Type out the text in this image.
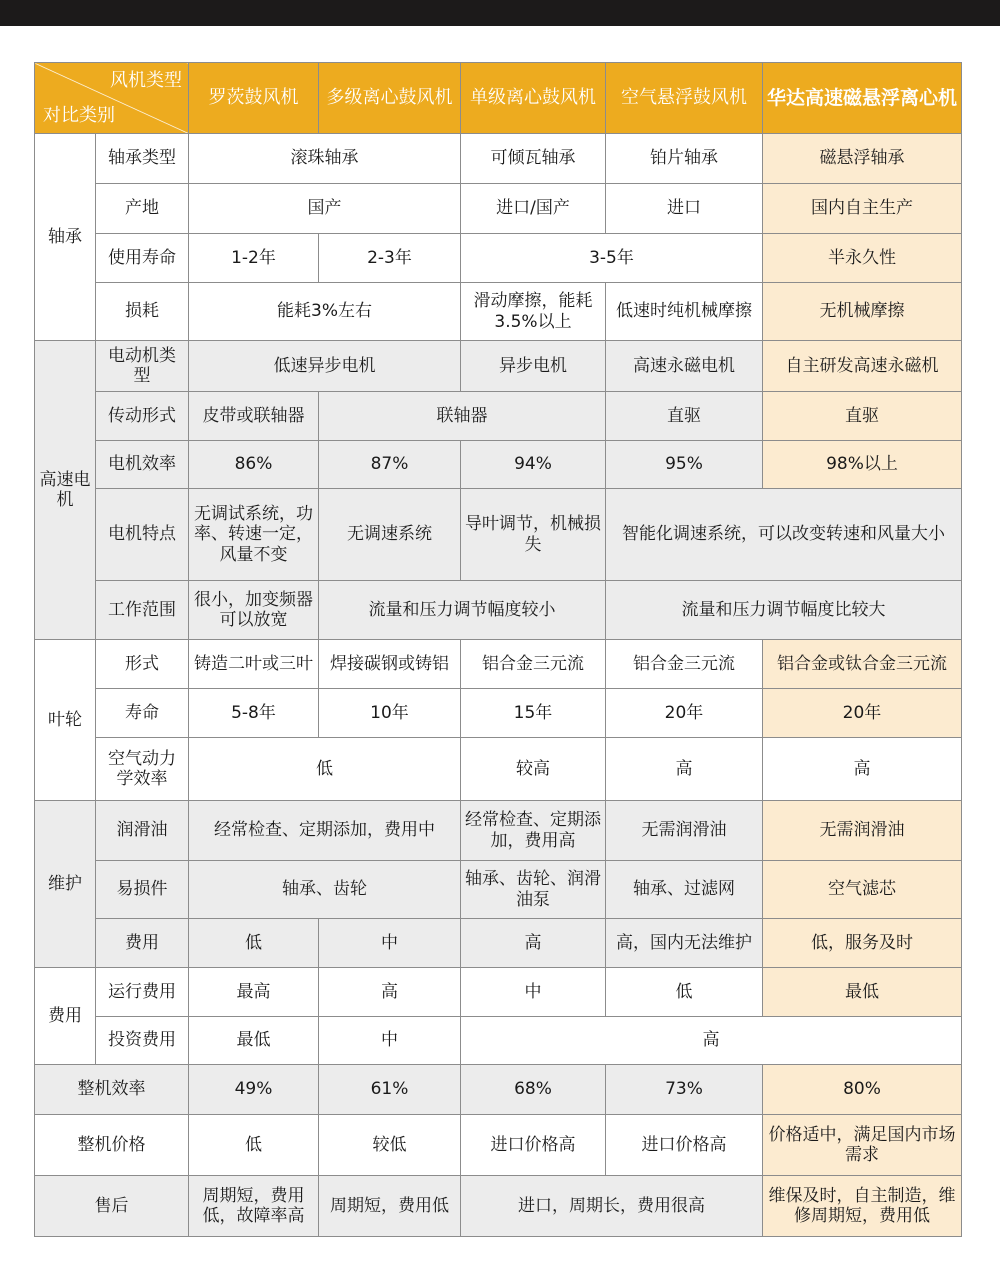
风机类型
对比类别		罗茨鼓风机	多级离心鼓风机	单级离心鼓风机	空气悬浮鼓风机	华达高速磁悬浮离心机
轴承	轴承类型	滚珠轴承		可倾瓦轴承	铂片轴承	磁悬浮轴承
	产地	国产		进口/国产	进口	国内自主生产
	使用寿命	1-2年	2-3年	3-5年		半永久性
	损耗	能耗3%左右		滑动摩擦，能耗3.5%以上	低速时纯机械摩擦	无机械摩擦
高速电机	电动机类型	低速异步电机		异步电机	高速永磁电机	自主研发高速永磁机
	传动形式	皮带或联轴器	联轴器		直驱	直驱
	电机效率	86%	87%	94%	95%	98%以上
	电机特点	无调试系统，功率、转速一定，风量不变	无调速系统	导叶调节，机械损失	智能化调速系统，可以改变转速和风量大小	
	工作范围	很小，加变频器可以放宽	流量和压力调节幅度较小		流量和压力调节幅度比较大	
叶轮	形式	铸造二叶或三叶	焊接碳钢或铸铝	铝合金三元流	铝合金三元流	铝合金或钛合金三元流
	寿命	5-8年	10年	15年	20年	20年
	空气动力学效率	低		较高	高	高
维护	润滑油	经常检查、定期添加，费用中		经常检查、定期添加，费用高	无需润滑油	无需润滑油
	易损件	轴承、齿轮		轴承、齿轮、润滑油泵	轴承、过滤网	空气滤芯
	费用	低	中	高	高，国内无法维护	低，服务及时
费用	运行费用	最高	高	中	低	最低
	投资费用	最低	中	高		
整机效率		49%	61%	68%	73%	80%
整机价格		低	较低	进口价格高	进口价格高	价格适中，满足国内市场需求
售后		周期短，费用低，故障率高	周期短，费用低	进口，周期长，费用很高		维保及时，自主制造，维修周期短，费用低
